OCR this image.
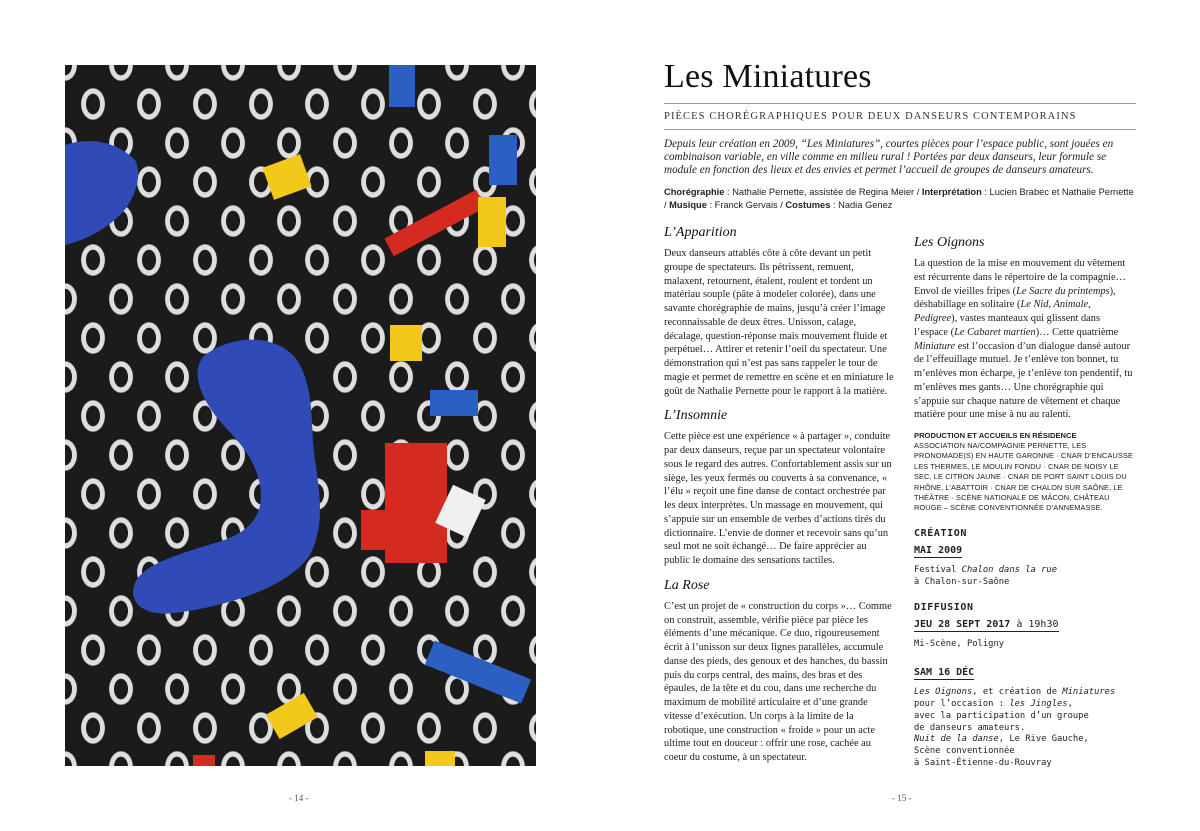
- 14 -
Les Miniatures
PIÈCES CHORÉGRAPHIQUES POUR DEUX DANSEURS CONTEMPORAINS
Depuis leur création en 2009, “Les Miniatures”, courtes pièces pour l’espace public, sont jouées en combinaison variable, en ville comme en milieu rural ! Portées par deux danseurs, leur formule se module en fonction des lieux et des envies et permet l’accueil de groupes de danseurs amateurs.
Chorégraphie : Nathalie Pernette, assistée de Regina Meier / Interprétation : Lucien Brabec et Nathalie Pernette / Musique : Franck Gervais / Costumes : Nadia Genez
L’Apparition

Deux danseurs attablés côte à côte devant un petit groupe de spectateurs. Ils pétrissent, remuent, malaxent, retournent, étalent, roulent et tordent un matériau souple (pâte à modeler colorée), dans une savante chorégraphie de mains, jusqu’à créer l’image reconnaissable de deux êtres. Unisson, calage, décalage, question-réponse mais mouvement fluide et perpétuel… Attirer et retenir l’oeil du spectateur. Une démonstration qui n’est pas sans rappeler le tour de magie et permet de remettre en scène et en miniature le goût de Nathalie Pernette pour le rapport à la matière.

L’Insomnie

Cette pièce est une expérience « à partager », conduite par deux danseurs, reçue par un spectateur volontaire sous le regard des autres. Confortablement assis sur un siège, les yeux fermés ou couverts à sa convenance, « l’élu » reçoit une fine danse de contact orchestrée par les deux interprètes. Un massage en mouvement, qui s’appuie sur un ensemble de verbes d’actions tirés du dictionnaire. L’envie de donner et recevoir sans qu’un seul mot ne soit échangé… De faire apprécier au public le domaine des sensations tactiles.

La Rose

C’est un projet de « construction du corps »… Comme on construit, assemble, vérifie pièce par pièce les éléments d’une mécanique. Ce duo, rigoureusement écrit à l’unisson sur deux lignes parallèles, accumule danse des pieds, des genoux et des hanches, du bassin puis du corps central, des mains, des bras et des épaules, de la tête et du cou, dans une recherche du maximum de mobilité articulaire et d’une grande vitesse d’exécution. Un corps à la limite de la robotique, une construction « froide » pour un acte ultime tout en douceur : offrir une rose, cachée au coeur du costume, à un spectateur.

Les Oignons

La question de la mise en mouvement du vêtement est récurrente dans le répertoire de la compagnie… Envol de vieilles fripes (Le Sacre du printemps), déshabillage en solitaire (Le Nid, Animale, Pedigree), vastes manteaux qui glissent dans l’espace (Le Cabaret martien)… Cette quatrième Miniature est l’occasion d’un dialogue dansé autour de l’effeuillage mutuel. Je t’enlève ton bonnet, tu m’enlèves mon écharpe, je t’enlève ton pendentif, tu m’enlèves mes gants… Une chorégraphie qui s’appuie sur chaque nature de vêtement et chaque matière pour une mise à nu au ralenti.

PRODUCTION ET ACCUEILS EN RÉSIDENCE
ASSOCIATION NA/COMPAGNIE PERNETTE, LES PRONOMADE(S) EN HAUTE GARONNE · CNAR D’ENCAUSSE LES THERMES, LE MOULIN FONDU · CNAR DE NOISY LE SEC, LE CITRON JAUNE · CNAR DE PORT SAINT LOUIS DU RHÔNE, L’ABATTOIR · CNAR DE CHALON SUR SAÔNE, LE THÉÂTRE · SCÈNE NATIONALE DE MÂCON, CHÂTEAU ROUGE – SCÈNE CONVENTIONNÉE D’ANNEMASSE.
CRÉATION
MAI 2009
Festival Chalon dans la rue
à Chalon-sur-Saône
DIFFUSION
JEU 28 SEPT 2017 à 19h30
Mi-Scène, Poligny
SAM 16 DÉC
Les Oignons, et création de Miniatures
pour l’occasion : les Jingles,
avec la participation d’un groupe
de danseurs amateurs.
Nuit de la danse, Le Rive Gauche,
Scène conventionnée
à Saint-Étienne-du-Rouvray
- 15 -
